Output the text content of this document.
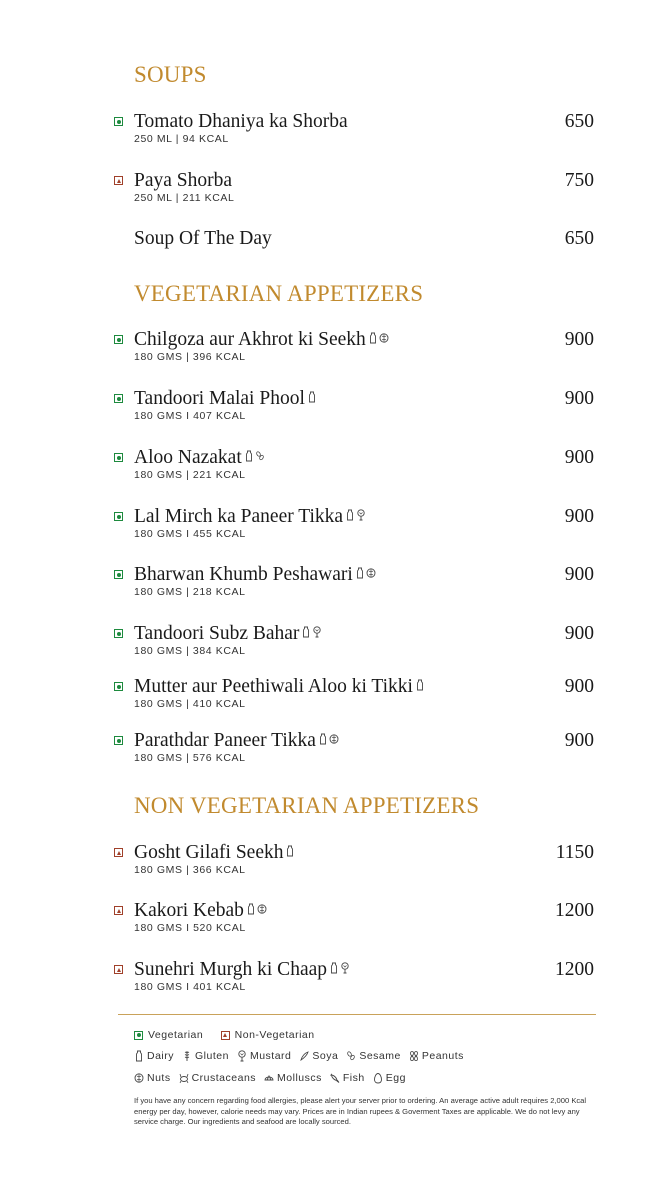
SOUPS
Tomato Dhaniya ka Shorba	650
250 ML | 94 KCAL
Paya Shorba	750
250 ML | 211 KCAL
Soup Of The Day	650
VEGETARIAN APPETIZERS
Chilgoza aur Akhrot ki Seekh	900
180 GMS | 396 KCAL
Tandoori Malai Phool	900
180 GMS I 407 KCAL
Aloo Nazakat	900
180 GMS | 221 KCAL
Lal Mirch ka Paneer Tikka	900
180 GMS I 455 KCAL
Bharwan Khumb Peshawari	900
180 GMS | 218 KCAL
Tandoori Subz Bahar	900
180 GMS | 384 KCAL
Mutter aur Peethiwali Aloo ki Tikki	900
180 GMS | 410 KCAL
Parathdar Paneer Tikka	900
180 GMS | 576 KCAL
NON VEGETARIAN APPETIZERS
Gosht Gilafi Seekh	1150
180 GMS | 366 KCAL
Kakori Kebab	1200
180 GMS I 520 KCAL
Sunehri Murgh ki Chaap	1200
180 GMS I 401 KCAL
Vegetarian
	Non-Vegetarian
Dairy Gluten Mustard Soya Sesame Peanuts
Nuts Crustaceans Molluscs Fish Egg
If you have any concern regarding food allergies, please alert your server prior to ordering. An average active adult requires 2,000 Kcal energy per day, however, calorie needs may vary. Prices are in Indian rupees & Goverment Taxes are applicable. We do not levy any service charge. Our ingredients and seafood are locally sourced.
